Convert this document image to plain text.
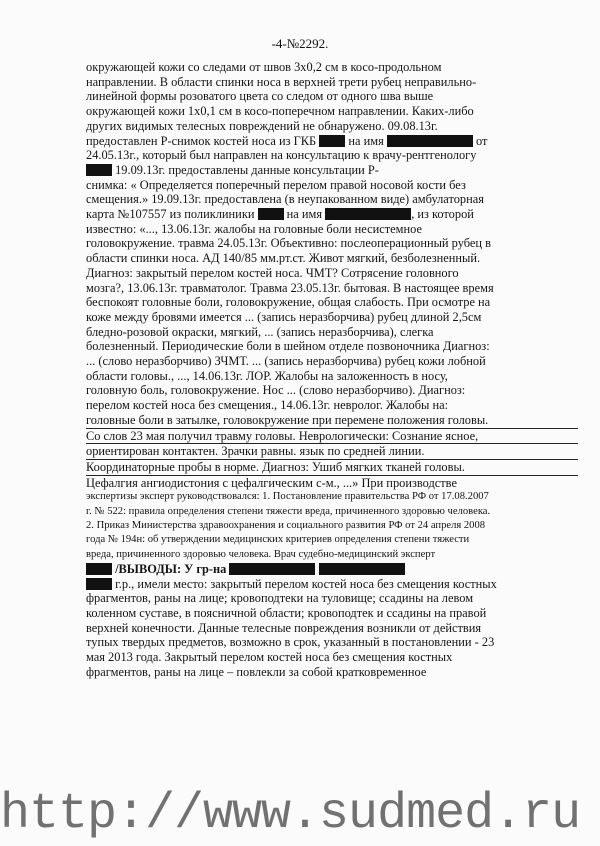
-4-№2292.
окружающей кожи со следами от швов 3х0,2 см в косо-продольном
направлении. В области спинки носа в верхней трети рубец неправильно-
линейной формы розоватого цвета со следом от одного шва выше
окружающей кожи 1х0,1 см в косо-поперечном направлении. Каких-либо
других видимых телесных повреждений не обнаружено. 09.08.13г.
предоставлен Р-снимок костей носа из ГКБ  на имя	от
24.05.13г., который был направлен на консультацию к врачу-рентгенологу
19.09.13г. предоставлены данные консультации Р-
снимка: « Определяется поперечный перелом правой носовой кости без
смещения.» 19.09.13г. предоставлена (в неупакованном виде) амбулаторная
карта №107557 из поликлиники  на имя	, из которой
известно: «..., 13.06.13г. жалобы на головные боли несистемное
головокружение. травма 24.05.13г. Объективно: послеоперационный рубец в
области спинки носа. АД 140/85 мм.рт.ст. Живот мягкий, безболезненный.
Диагноз: закрытый перелом костей носа. ЧМТ? Сотрясение головного
мозга?, 13.06.13г. травматолог. Травма 23.05.13г. бытовая. В настоящее время
беспокоят головные боли, головокружение, общая слабость. При осмотре на
коже между бровями имеется ... (запись неразборчива) рубец длиной 2,5см
бледно-розовой окраски, мягкий, ... (запись неразборчива), слегка
болезненный. Периодические боли в шейном отделе позвоночника Диагноз:
... (слово неразборчиво) ЗЧМТ. ... (запись неразборчива) рубец кожи лобной
области головы., ..., 14.06.13г. ЛОР. Жалобы на заложенность в носу,
головную боль, головокружение. Нос ... (слово неразборчиво). Диагноз:
перелом костей носа без смещения., 14.06.13г. невролог. Жалобы на:
головные боли в затылке, головокружение при перемене положения головы.
Со слов 23 мая получил травму головы. Неврологически: Сознание ясное,
ориентирован контактен. Зрачки равны. язык по средней линии.
Координаторные пробы в норме. Диагноз: Ушиб мягких тканей головы.
Цефалгия ангиодистония с цефалгическим с-м., ...» При производстве
экспертизы эксперт руководствовался: 1. Постановление правительства РФ от 17.08.2007
г. № 522: правила определения степени тяжести вреда, причиненного здоровью человека.
2. Приказ Министерства здравоохранения и социального развития РФ от 24 апреля 2008
года № 194н: об утверждении медицинских критериев определения степени тяжести
вреда, причиненного здоровью человека. Врач судебно-медицинский эксперт
/ВЫВОДЫ: У гр-на
г.р., имели место: закрытый перелом костей носа без смещения костных
фрагментов, раны на лице; кровоподтеки на туловище; ссадины на левом
коленном суставе, в поясничной области; кровоподтек и ссадины на правой
верхней конечности. Данные телесные повреждения возникли от действия
тупых твердых предметов, возможно в срок, указанный в постановлении - 23
мая 2013 года. Закрытый перелом костей носа без смещения костных
фрагментов, раны на лице – повлекли за собой кратковременное
http://www.sudmed.ru
